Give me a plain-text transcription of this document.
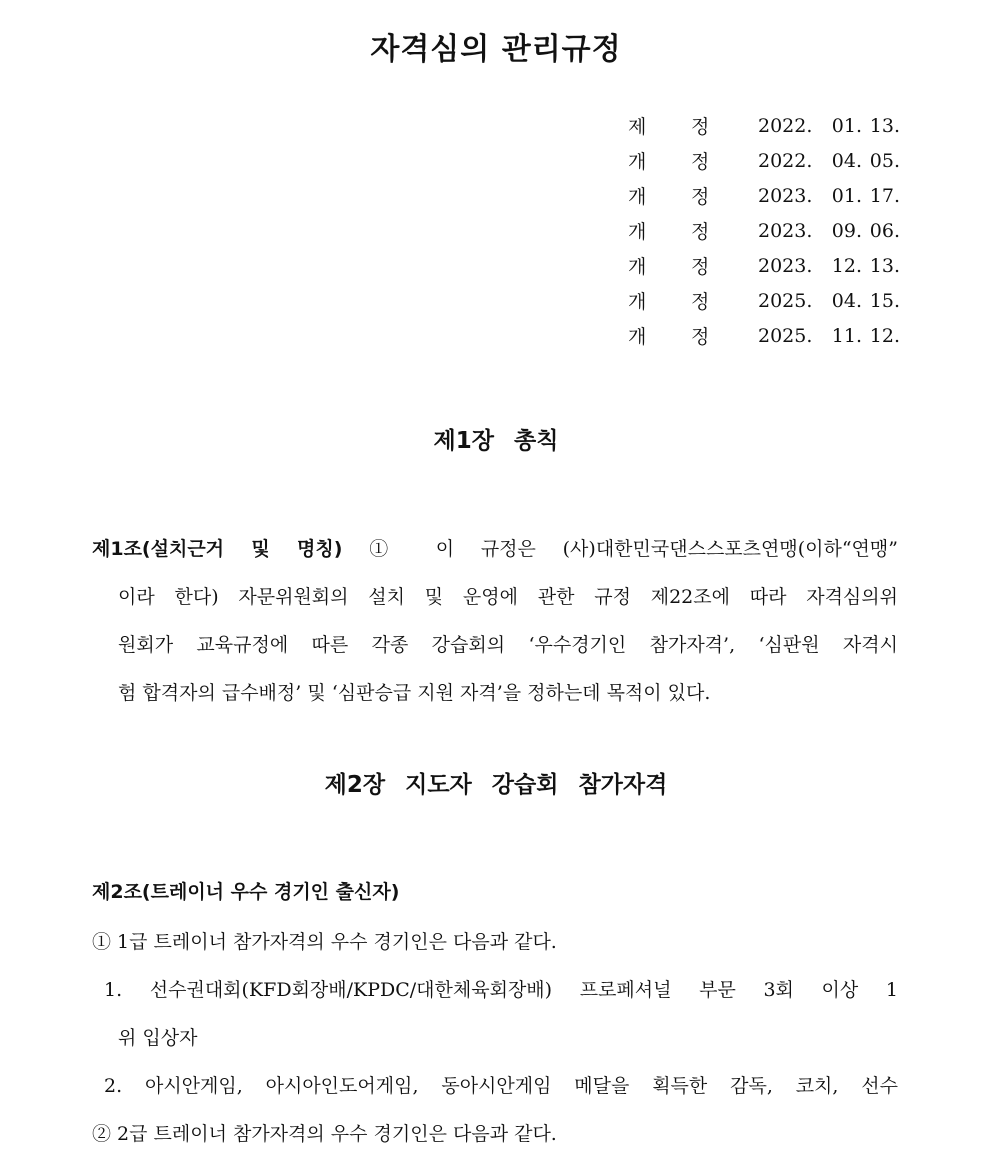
자격심의 관리규정
제	정	2022.	01. 13.
개	정	2022.	04. 05.
개	정	2023.	01. 17.
개	정	2023.	09. 06.
개	정	2023.	12. 13.
개	정	2025.	04. 15.
개	정	2025.	11. 12.
제1장 총칙
제1조(설치근거 및 명칭) ① 이 규정은 (사)대한민국댄스스포츠연맹(이하“연맹”
이라 한다) 자문위원회의 설치 및 운영에 관한 규정 제22조에 따라 자격심의위
원회가 교육규정에 따른 각종 강습회의 ‘우수경기인 참가자격’, ‘심판원 자격시
험 합격자의 급수배정’ 및 ‘심판승급 지원 자격’을 정하는데 목적이 있다.
제2장 지도자 강습회 참가자격
제2조(트레이너 우수 경기인 출신자)
① 1급 트레이너 참가자격의 우수 경기인은 다음과 같다.
1. 선수권대회(KFD회장배/KPDC/대한체육회장배) 프로페셔널 부문 3회 이상 1
위 입상자
2. 아시안게임, 아시아인도어게임, 동아시안게임 메달을 획득한 감독, 코치, 선수
② 2급 트레이너 참가자격의 우수 경기인은 다음과 같다.
